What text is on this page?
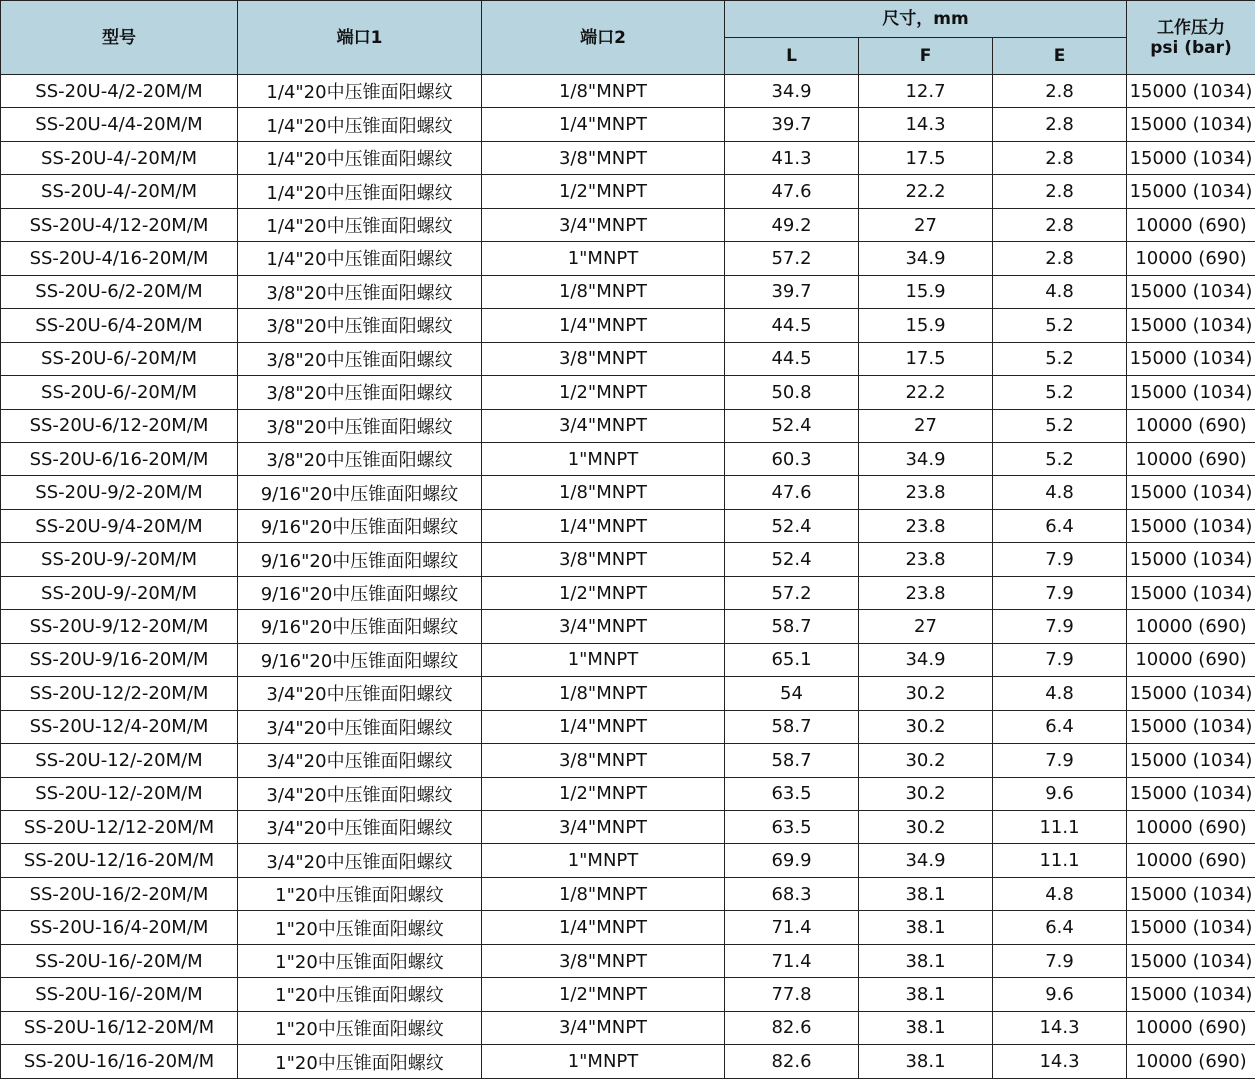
型号	端口1	端口2	尺寸，mm			工作压力
psi (bar)

			L	F	E	
SS-20U-4/2-20M/M	1/4"20中压锥面阳螺纹	1/8"MNPT	34.9	12.7	2.8	15000 (1034)
SS-20U-4/4-20M/M	1/4"20中压锥面阳螺纹	1/4"MNPT	39.7	14.3	2.8	15000 (1034)
SS-20U-4/-20M/M	1/4"20中压锥面阳螺纹	3/8"MNPT	41.3	17.5	2.8	15000 (1034)
SS-20U-4/-20M/M	1/4"20中压锥面阳螺纹	1/2"MNPT	47.6	22.2	2.8	15000 (1034)
SS-20U-4/12-20M/M	1/4"20中压锥面阳螺纹	3/4"MNPT	49.2	27	2.8	10000 (690)
SS-20U-4/16-20M/M	1/4"20中压锥面阳螺纹	1"MNPT	57.2	34.9	2.8	10000 (690)
SS-20U-6/2-20M/M	3/8"20中压锥面阳螺纹	1/8"MNPT	39.7	15.9	4.8	15000 (1034)
SS-20U-6/4-20M/M	3/8"20中压锥面阳螺纹	1/4"MNPT	44.5	15.9	5.2	15000 (1034)
SS-20U-6/-20M/M	3/8"20中压锥面阳螺纹	3/8"MNPT	44.5	17.5	5.2	15000 (1034)
SS-20U-6/-20M/M	3/8"20中压锥面阳螺纹	1/2"MNPT	50.8	22.2	5.2	15000 (1034)
SS-20U-6/12-20M/M	3/8"20中压锥面阳螺纹	3/4"MNPT	52.4	27	5.2	10000 (690)
SS-20U-6/16-20M/M	3/8"20中压锥面阳螺纹	1"MNPT	60.3	34.9	5.2	10000 (690)
SS-20U-9/2-20M/M	9/16"20中压锥面阳螺纹	1/8"MNPT	47.6	23.8	4.8	15000 (1034)
SS-20U-9/4-20M/M	9/16"20中压锥面阳螺纹	1/4"MNPT	52.4	23.8	6.4	15000 (1034)
SS-20U-9/-20M/M	9/16"20中压锥面阳螺纹	3/8"MNPT	52.4	23.8	7.9	15000 (1034)
SS-20U-9/-20M/M	9/16"20中压锥面阳螺纹	1/2"MNPT	57.2	23.8	7.9	15000 (1034)
SS-20U-9/12-20M/M	9/16"20中压锥面阳螺纹	3/4"MNPT	58.7	27	7.9	10000 (690)
SS-20U-9/16-20M/M	9/16"20中压锥面阳螺纹	1"MNPT	65.1	34.9	7.9	10000 (690)
SS-20U-12/2-20M/M	3/4"20中压锥面阳螺纹	1/8"MNPT	54	30.2	4.8	15000 (1034)
SS-20U-12/4-20M/M	3/4"20中压锥面阳螺纹	1/4"MNPT	58.7	30.2	6.4	15000 (1034)
SS-20U-12/-20M/M	3/4"20中压锥面阳螺纹	3/8"MNPT	58.7	30.2	7.9	15000 (1034)
SS-20U-12/-20M/M	3/4"20中压锥面阳螺纹	1/2"MNPT	63.5	30.2	9.6	15000 (1034)
SS-20U-12/12-20M/M	3/4"20中压锥面阳螺纹	3/4"MNPT	63.5	30.2	11.1	10000 (690)
SS-20U-12/16-20M/M	3/4"20中压锥面阳螺纹	1"MNPT	69.9	34.9	11.1	10000 (690)
SS-20U-16/2-20M/M	1"20中压锥面阳螺纹	1/8"MNPT	68.3	38.1	4.8	15000 (1034)
SS-20U-16/4-20M/M	1"20中压锥面阳螺纹	1/4"MNPT	71.4	38.1	6.4	15000 (1034)
SS-20U-16/-20M/M	1"20中压锥面阳螺纹	3/8"MNPT	71.4	38.1	7.9	15000 (1034)
SS-20U-16/-20M/M	1"20中压锥面阳螺纹	1/2"MNPT	77.8	38.1	9.6	15000 (1034)
SS-20U-16/12-20M/M	1"20中压锥面阳螺纹	3/4"MNPT	82.6	38.1	14.3	10000 (690)
SS-20U-16/16-20M/M	1"20中压锥面阳螺纹	1"MNPT	82.6	38.1	14.3	10000 (690)
